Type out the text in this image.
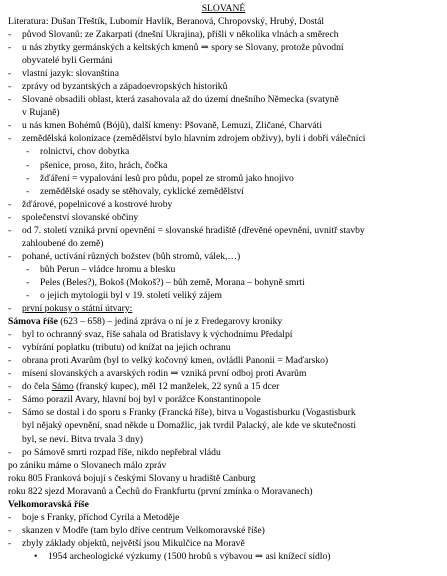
SLOVANÉ
Literatura: Dušan Třeštík, Lubomír Havlík, Beranová, Chropovský, Hrubý, Dostál
- původ Slovanů: ze Zakarpatí (dnešní Ukrajina), přišli v několika vlnách a směrech
- u nás zbytky germánských a keltských kmenů ⇒ spory se Slovany, protože původní
obyvatelé byli Germáni
- vlastní jazyk: slovanština
- zprávy od byzantských a západoevropských historiků
- Slovanė obsadili oblast, která zasahovala až do území dnešního Německa (svatyně
v Rujaně)
- u nás kmen Bohémů (Bójů), další kmeny: Pšovaně, Lemuzi, Zličané, Charváti
- zemědělská kolonizace (zemědělství bylo hlavním zdrojem obživy), byli i dobří válečníci
- rolnictví, chov dobytka
- pšenice, proso, žito, hrách, čočka
- žďáření = vypalování lesů pro půdu, popel ze stromů jako hnojivo
- zemědělské osady se stěhovaly, cyklické zemědělství
- žďárové, popelnicové a kostrové hroby
- společenství slovanské občiny
- od 7. století vzniká první opevnění = slovanské hradiště (dřevěné opevnění, uvnitř stavby
zahloubené do země)
- pohané, uctívání různých božstev (bůh stromů, válek,…)
- bůh Perun – vládce hromu a blesku
- Peles (Beles?), Bokoš (Mokoš?) – bůh země, Morana – bohyně smrti
- o jejich mytologii byl v 19. století veliký zájem
- první pokusy o státní útvary:
Sámova říše (623 – 658) – jediná zpráva o ní je z Fredegarovy kroniky
- byl to ochranný svaz, říše sahala od Bratislavy k východnímu Předalpí
- vybírání poplatku (tributu) od knížat na jejich ochranu
- obrana proti Avarům (byl to velký kočovný kmen, ovládli Panonii = Maďarsko)
- mísení slovanských a avarských rodin ⇒ vzniká první odboj proti Avarům
- do čela Sámo (franský kupec), měl 12 manželek, 22 synů a 15 dcer
- Sámo porazil Avary, hlavní boj byl v porážce Konstantinopole
- Sámo se dostal i do sporu s Franky (Francká říše), bitva u Vogastisburku (Vogastisburk
byl nějaký opevnění, snad někde u Domažlic, jak tvrdil Palacký, ale kde ve skutečnosti
byl, se neví. Bitva trvala 3 dny)
- po Sámově smrti rozpad říše, nikdo nepřebral vládu
po zániku máme o Slovanech málo zpráv
roku 805 Franková bojují s českými Slovany u hradiště Canburg
roku 822 sjezd Moravanů a Čechů do Frankfurtu (první zmínka o Moravanech)
Velkomoravská říše
- boje s Franky, příchod Cyrila a Metoděje
- skanzen v Modře (tam bylo dříve centrum Velkomoravské říše)
- zbyly základy objektů, největší jsou Mikulčice na Moravě
• 1954 archeologické výzkumy (1500 hrobů s výbavou ⇒ asi knížecí sídlo)
